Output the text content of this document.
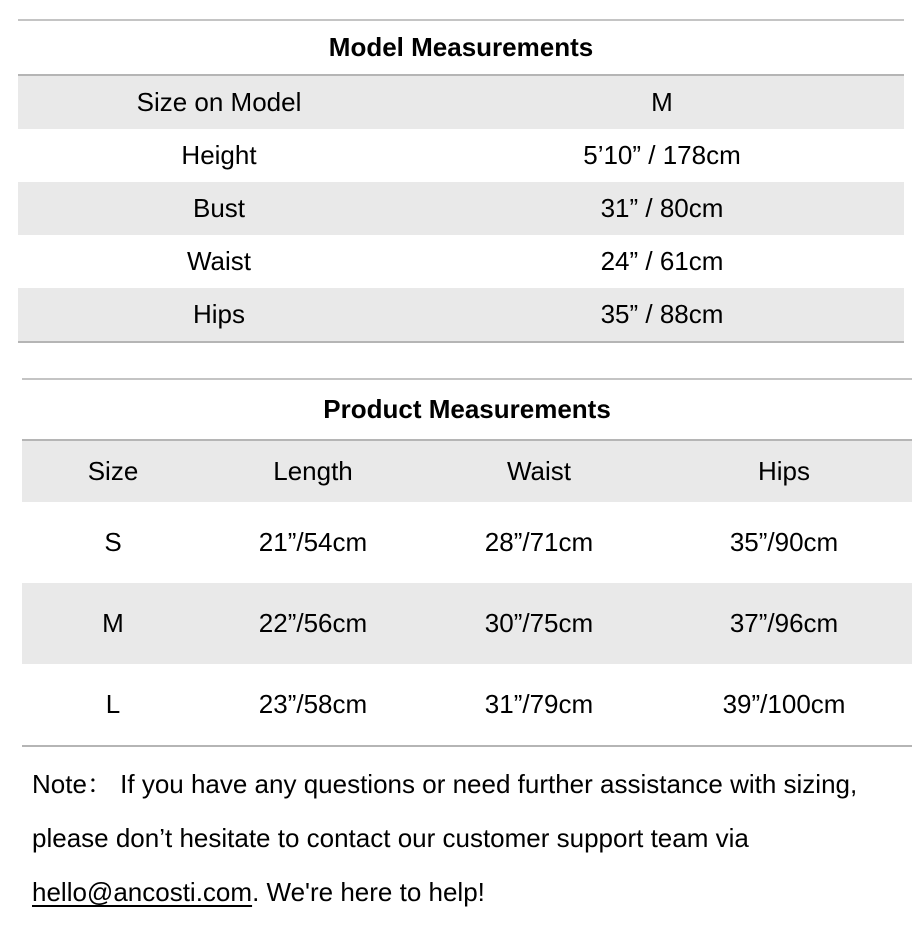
Model Measurements	
Size on Model	M
Height	5’10” / 178cm
Bust	31” / 80cm
Waist	24” / 61cm
Hips	35” / 88cm
Product Measurements			
Size	Length	Waist	Hips
S	21”/54cm	28”/71cm	35”/90cm
M	22”/56cm	30”/75cm	37”/96cm
L	23”/58cm	31”/79cm	39”/100cm

Note： If you have any questions or need further assistance with sizing,
please don’t hesitate to contact our customer support team via
hello@ancosti.com. We're here to help!
